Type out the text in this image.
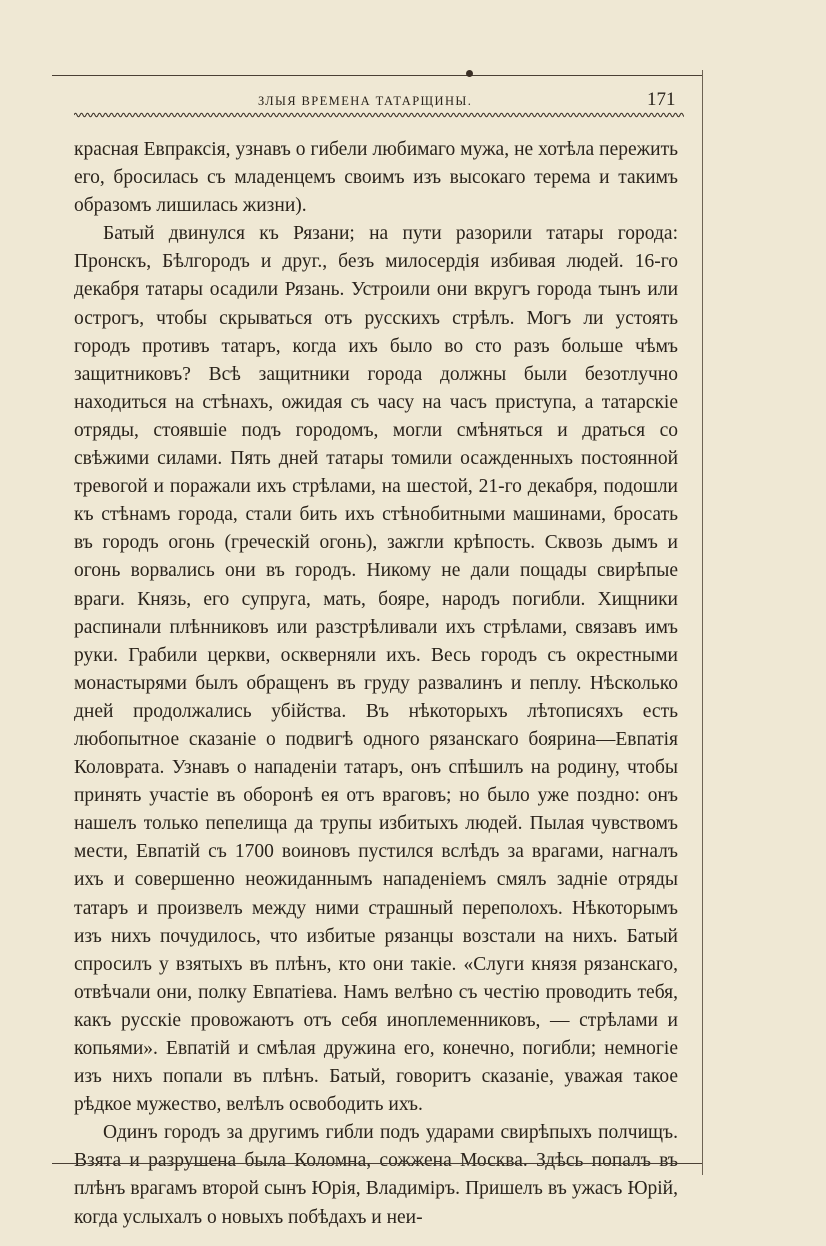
ЗЛЫЯ ВРЕМЕНА ТАТАРЩИНЫ.	171

красная Евпраксія, узнавъ о гибели любимаго мужа, не хотѣла пережить его, бросилась съ младенцемъ своимъ изъ высокаго терема и такимъ образомъ лишилась жизни).

Батый двинулся къ Рязани; на пути разорили татары города: Пронскъ, Бѣлгородъ и друг., безъ милосердія избивая людей. 16-го декабря татары осадили Рязань. Устроили они вкругъ города тынъ или острогъ, чтобы скрываться отъ русскихъ стрѣлъ. Могъ ли устоять городъ противъ татаръ, когда ихъ было во сто разъ больше чѣмъ защитниковъ? Всѣ защитники города должны были безотлучно находиться на стѣнахъ, ожидая съ часу на часъ приступа, а татарскіе отряды, стоявшіе подъ городомъ, могли смѣняться и драться со свѣжими силами. Пять дней татары томили осажденныхъ постоянной тревогой и поражали ихъ стрѣлами, на шестой, 21-го декабря, подошли къ стѣнамъ города, стали бить ихъ стѣнобитными машинами, бросать въ городъ огонь (греческій огонь), зажгли крѣпость. Сквозь дымъ и огонь ворвались они въ городъ. Никому не дали пощады свирѣпые враги. Князь, его супруга, мать, бояре, народъ погибли. Хищники распинали плѣнниковъ или разстрѣливали ихъ стрѣлами, связавъ имъ руки. Грабили церкви, оскверняли ихъ. Весь городъ съ окрестными монастырями былъ обращенъ въ груду развалинъ и пеплу. Нѣсколько дней продолжались убійства. Въ нѣкоторыхъ лѣтописяхъ есть любопытное сказаніе о подвигѣ одного рязанскаго боярина—Евпатія Коловрата. Узнавъ о нападеніи татаръ, онъ спѣшилъ на родину, чтобы принять участіе въ оборонѣ ея отъ враговъ; но было уже поздно: онъ нашелъ только пепелища да трупы избитыхъ людей. Пылая чувствомъ мести, Евпатій съ 1700 воиновъ пустился вслѣдъ за врагами, нагналъ ихъ и совершенно неожиданнымъ нападеніемъ смялъ задніе отряды татаръ и произвелъ между ними страшный переполохъ. Нѣкоторымъ изъ нихъ почудилось, что избитые рязанцы возстали на нихъ. Батый спросилъ у взятыхъ въ плѣнъ, кто они такіе. «Слуги князя рязанскаго, отвѣчали они, полку Евпатіева. Намъ велѣно съ честію проводить тебя, какъ русскіе провожаютъ отъ себя иноплеменниковъ, — стрѣлами и копьями». Евпатій и смѣлая дружина его, конечно, погибли; немногіе изъ нихъ попали въ плѣнъ. Батый, говоритъ сказаніе, уважая такое рѣдкое мужество, велѣлъ освободить ихъ.

Одинъ городъ за другимъ гибли подъ ударами свирѣпыхъ полчищъ. Взята и разрушена была Коломна, сожжена Москва. Здѣсь попалъ въ плѣнъ врагамъ второй сынъ Юрія, Владиміръ. Пришелъ въ ужасъ Юрій, когда услыхалъ о новыхъ побѣдахъ и неи-
